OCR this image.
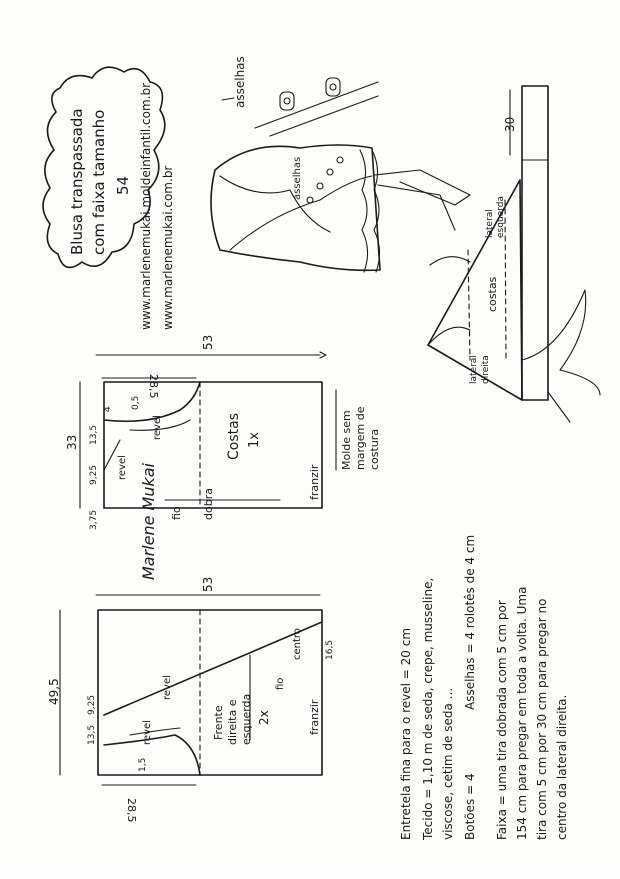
Blusa transpassada com faixa tamanho 54 www.marlenemukai.com.br
www.marlenemukai.moldeinfantil.com.br
asselhas
asselhas
30
lateral esquerda
costas
lateral direita
53
28,5
33 13,5
9,25
3,75
4 0,5
revel
revel
Costas 1x
fio dobra
franzir
Molde sem margem de costura
Marlene Mukai
53
49,5
28,5
13,5
9,25
1,5
16,5
revel
revel
centro
fio
Frente direita e esquerda 2x	franzir	Entretela fina para o revel = 20 cm Tecido = 1,10 m de seda, crepe, musseline, viscose, cetim de seda ... Botões = 4
Asselhas = 4 rolotês de 4 cm Faixa = uma tira dobrada com 5 cm por 154 cm para pregar em toda a volta. Uma tira com 5 cm por 30 cm para pregar no centro da lateral direita.
